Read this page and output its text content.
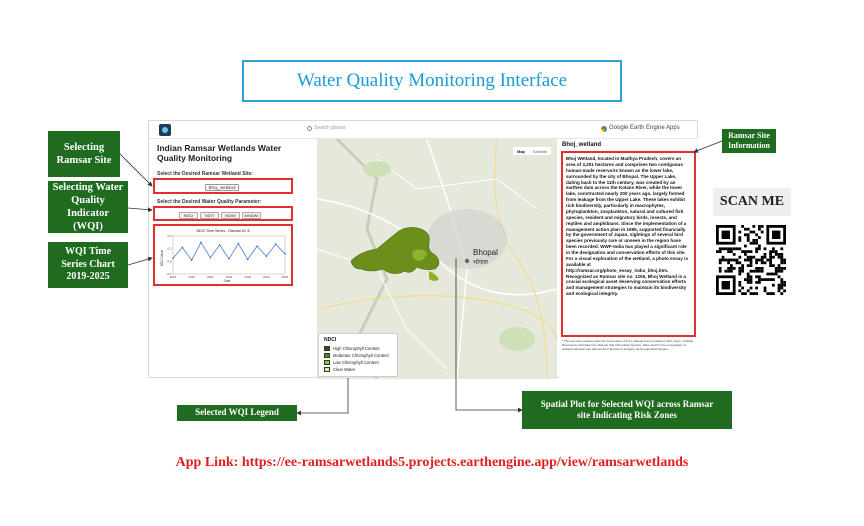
Water Quality Monitoring Interface
Selecting Ramsar Site
Selecting Water Quality Indicator (WQI)
WQI Time Series Chart 2019-2025
Ramsar Site Information
Selected WQI Legend
Spatial Plot for Selected WQI across Ramsar site Indicating Risk Zones
Search places	Google Earth Engine Apps
Indian Ramsar Wetlands Water Quality Monitoring
Select the Desired Ramsar Wetland Site:
Bhoj_wetland
Select the Desired Water Quality Parameter:
NDCI	NDTI	NDWI	MNDWI
NDCI Time Series - Ramsar ID: 8
NDCI Value
Date
0.4
0.2
0.0
-0.2
2019	2020	2021	2022	2023	2024	2025
Bhopal
भोपाल
Map	Satellite
NDCI
High Chlorophyll Content
Moderate Chlorophyll Content
Low Chlorophyll Content
Clear Water
Bhoj_wetland
Bhoj Wetland, located in Madhya Pradesh, covers an area of 3,201 hectares and comprises two contiguous human-made reservoirs known as the lower lake, surrounded by the city of Bhopal. The Upper Lake, dating back to the 11th century, was created by an earthen dam across the Kolans River, while the lower lake, constructed nearly 200 years ago, largely formed from leakage from the Upper Lake. These lakes exhibit rich biodiversity, particularly in macrophytes, phytoplankton, zooplankton, natural and cultured fish species, resident and migratory birds, insects, and reptiles and amphibians. Since the implementation of a management action plan in 1995, supported financially by the government of Japan, sightings of several bird species previously rare or unseen in the region have been recorded. WWF-India has played a significant role in the designation and conservation efforts of this site. For a visual exploration of the wetland, a photo essay is available at http://ramsar.org/photo_essay_india_bhoj.htm. Recognized as Ramsar site no. 1206, Bhoj Wetland is a crucial ecological asset deserving conservation efforts and management strategies to maintain its biodiversity and ecological integrity.
* This app was created under the supervision of Prof. Mangal Kumar (Head of CEO, Dept. of Water Resources) with data from Ramsar Site Information Service. Data used for the computation of wetland indicators are derived from Sentinel-2 imagery via Google Earth Engine.
SCAN ME
App Link: https://ee-ramsarwetlands5.projects.earthengine.app/view/ramsarwetlands
